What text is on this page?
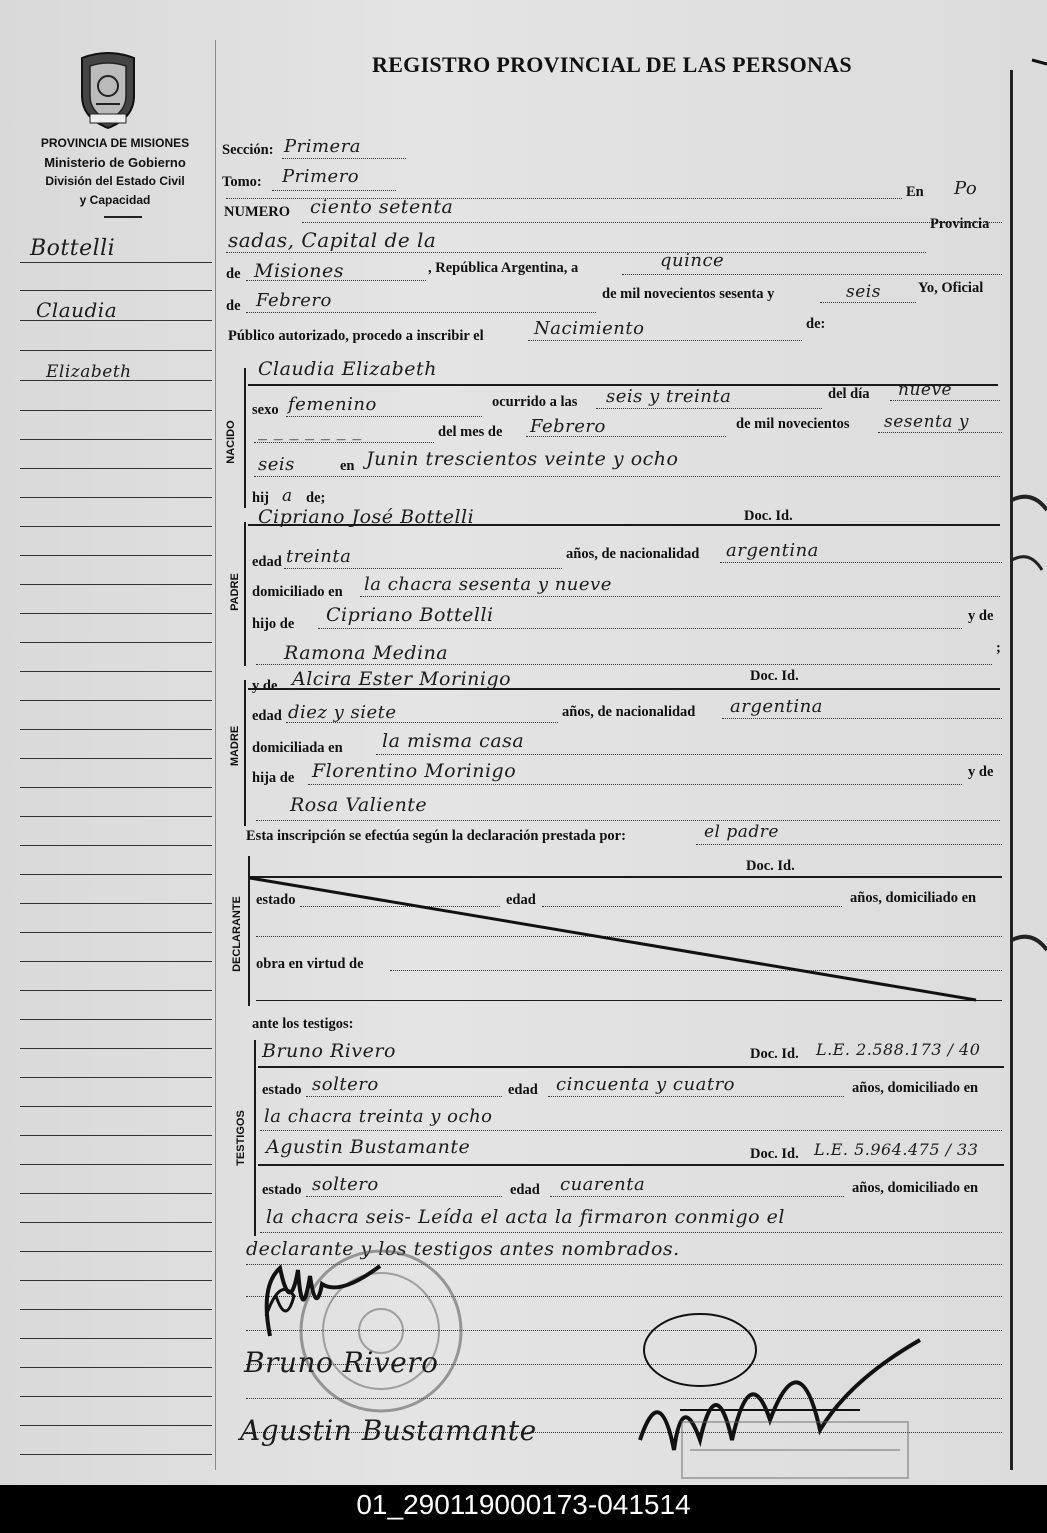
PROVINCIA DE MISIONES
Ministerio de Gobierno
División del Estado Civil
y Capacidad
REGISTRO PROVINCIAL DE LAS PERSONAS
Bottelli
Claudia
Elizabeth
Sección: Primera
Tomo: Primero
En Po
NUMERO ciento setenta
Provincia
sadas, Capital de la
de Misiones	, República Argentina, a	quince
de Febrero	de mil novecientos sesenta y	seis	Yo, Oficial
Público autorizado, procedo a inscribir el	Nacimiento	de:
NACIDO
Claudia Elizabeth
sexo femenino	ocurrido a las seis y treinta	del día nueve
_ _ _ _ _ _ _	del mes de Febrero	de mil novecientos sesenta y
seis	en Junin trescientos veinte y ocho
hij a de;
PADRE
Cipriano José Bottelli	Doc. Id.
edad treinta	años, de nacionalidad argentina
domiciliado en la chacra sesenta y nueve
hijo de Cipriano Bottelli	y de
Ramona Medina	;
MADRE
y de Alcira Ester Morinigo	Doc. Id.
edad diez y siete	años, de nacionalidad argentina
domiciliada en la misma casa
hija de Florentino Morinigo	y de
Rosa Valiente
Esta inscripción se efectúa según la declaración prestada por:	el padre
DECLARANTE
Doc. Id.
estado	edad	años, domiciliado en
obra en virtud de
ante los testigos:
TESTIGOS
Bruno Rivero	Doc. Id. L.E. 2.588.173 / 40
estado soltero	edad cincuenta y cuatro	años, domiciliado en
la chacra treinta y ocho
Agustin Bustamante	Doc. Id. L.E. 5.964.475 / 33
estado soltero	edad cuarenta	años, domiciliado en
la chacra seis- Leída el acta la firmaron conmigo el
declarante y los testigos antes nombrados.
Bruno Rivero
Agustin Bustamante
01_290119000173-041514
